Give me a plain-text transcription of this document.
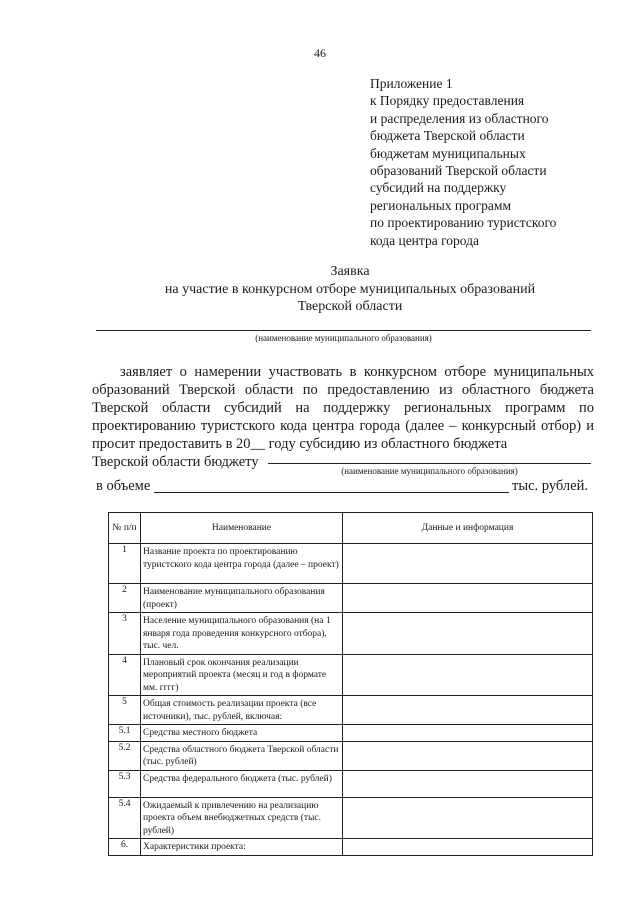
46
Приложение 1
к Порядку предоставления
и распределения из областного
бюджета Тверской области
бюджетам муниципальных
образований Тверской области
субсидий на поддержку
региональных программ
по проектированию туристского
кода центра города
Заявка
на участие в конкурсном отборе муниципальных образований
Тверской области
(наименование муниципального образования)

заявляет о намерении участвовать в конкурсном отборе муниципальных образований Тверской области по предоставлению из областного бюджета Тверской области субсидий на поддержку региональных программ по проектированию туристского кода центра города (далее – конкурсный отбор) и просит предоставить в 20__ году субсидию из областного бюджета

Тверской области бюджету

(наименование муниципального образования)
в объеме	тыс. рублей.
№ п/п	Наименование	Данные и информация
1	Название проекта по проектированию туристского кода центра города (далее – проект)	
2	Наименование муниципального образования (проект)	
3	Население муниципального образования (на 1 января года проведения конкурсного отбора), тыс. чел.	
4	Плановый срок окончания реализации мероприятий проекта (месяц и год в формате мм. гггг)	
5	Общая стоимость реализации проекта (все источники), тыс. рублей, включая:	
5.1	Средства местного бюджета	
5.2	Средства областного бюджета Тверской области (тыс. рублей)	
5.3	Средства федерального бюджета (тыс. рублей)	
5.4	Ожидаемый к привлечению на реализацию проекта объем внебюджетных средств (тыс. рублей)	
6.	Характеристики проекта:	
